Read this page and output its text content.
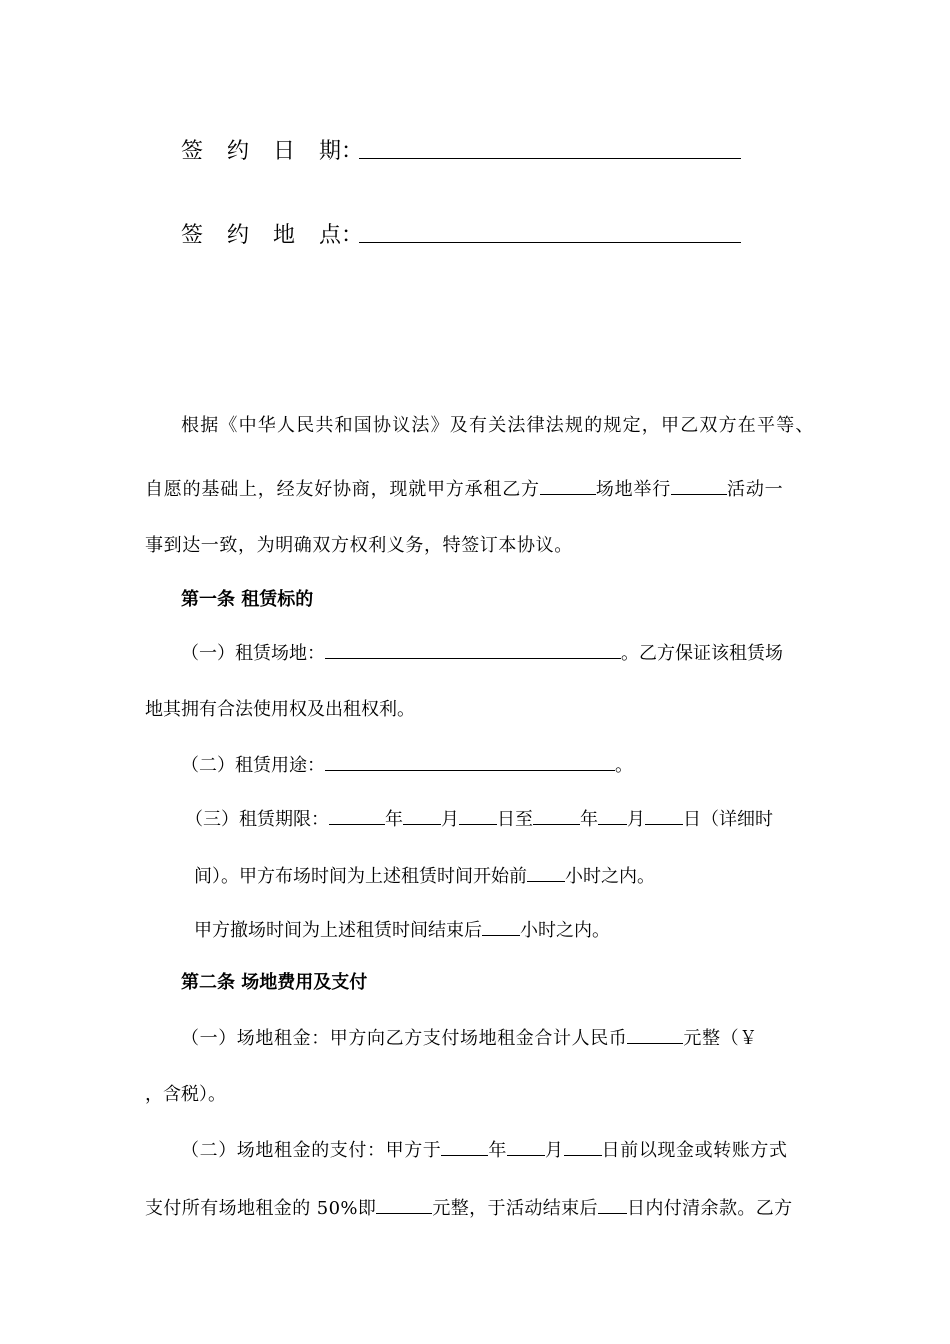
签 约 日 期：
签 约 地 点：
根据《中华人民共和国协议法》及有关法律法规的规定，甲乙双方在平等、
自愿的基础上，经友好协商，现就甲方承租乙方	场地举行	活动一
事到达一致，为明确双方权利义务，特签订本协议。
第一条 租赁标的
（一）租赁场地：	。乙方保证该租赁场
地其拥有合法使用权及出租权利。
（二）租赁用途：	。
（三）租赁期限：	年 月 日至	年 月 日（详细时
间）。甲方布场时间为上述租赁时间开始前 小时之内。
甲方撤场时间为上述租赁时间结束后 小时之内。
第二条 场地费用及支付
（一）场地租金：甲方向乙方支付场地租金合计人民币	元整（￥
，含税）。
（二）场地租金的支付：甲方于	年 月 日前以现金或转账方式
支付所有场地租金的 50%即	元整，于活动结束后 日内付清余款。乙方
